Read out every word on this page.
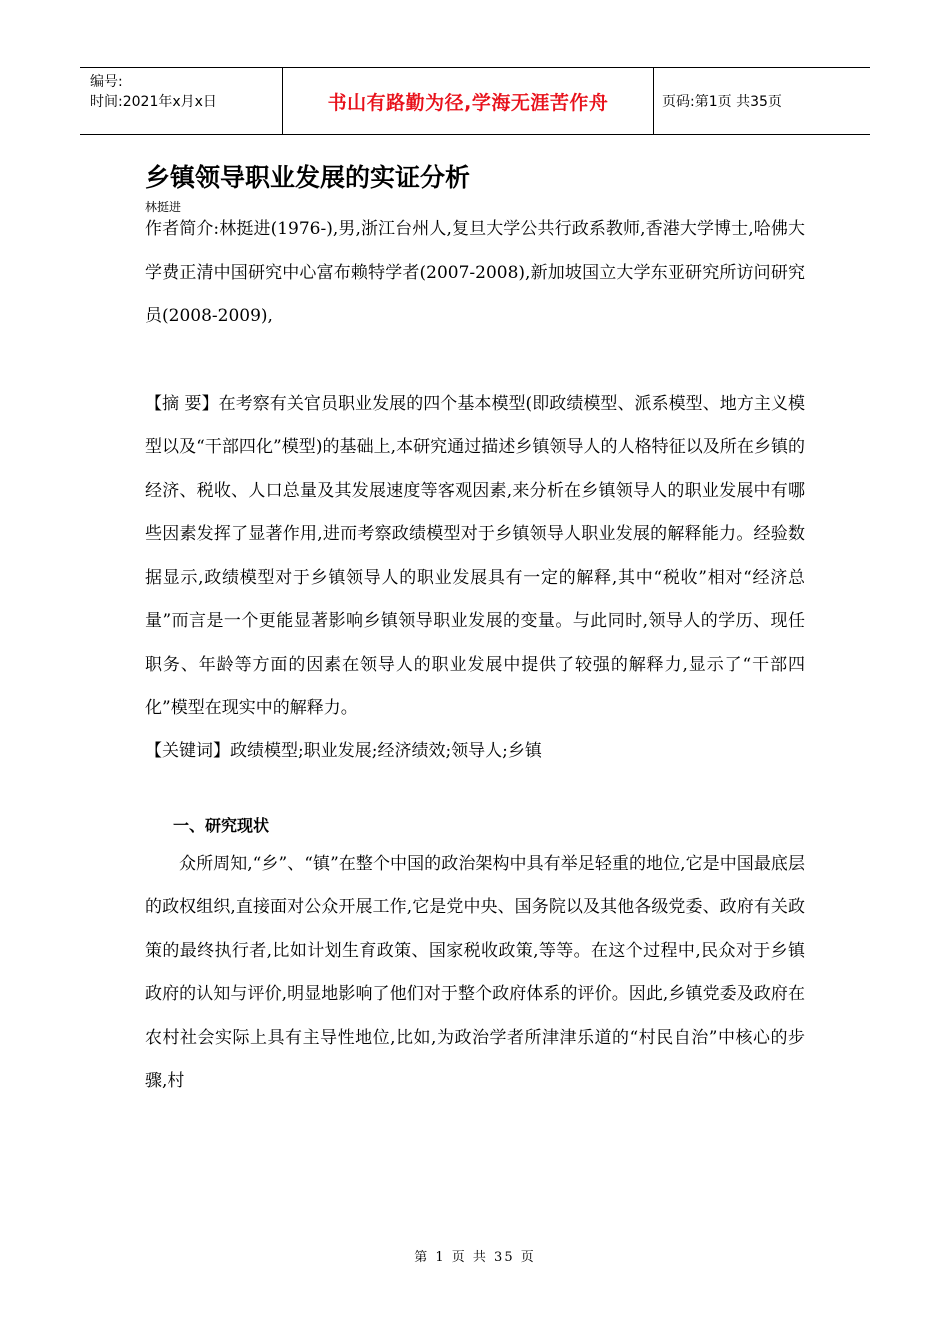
编号:
时间:2021年x月x日	书山有路勤为径,学海无涯苦作舟	页码:第1页 共35页
乡镇领导职业发展的实证分析
林挺进

作者简介:林挺进(1976-),男,浙江台州人,复旦大学公共行政系教师,香港大学博士,哈佛大学费正清中国研究中心富布赖特学者(2007-2008),新加坡国立大学东亚研究所访问研究员(2008-2009),

【摘 要】在考察有关官员职业发展的四个基本模型(即政绩模型、派系模型、地方主义模型以及“干部四化”模型)的基础上,本研究通过描述乡镇领导人的人格特征以及所在乡镇的经济、税收、人口总量及其发展速度等客观因素,来分析在乡镇领导人的职业发展中有哪些因素发挥了显著作用,进而考察政绩模型对于乡镇领导人职业发展的解释能力。经验数据显示,政绩模型对于乡镇领导人的职业发展具有一定的解释,其中“税收”相对“经济总量”而言是一个更能显著影响乡镇领导职业发展的变量。与此同时,领导人的学历、现任职务、年龄等方面的因素在领导人的职业发展中提供了较强的解释力,显示了“干部四化”模型在现实中的解释力。

【关键词】政绩模型;职业发展;经济绩效;领导人;乡镇

一、研究现状

众所周知,“乡”、“镇”在整个中国的政治架构中具有举足轻重的地位,它是中国最底层的政权组织,直接面对公众开展工作,它是党中央、国务院以及其他各级党委、政府有关政策的最终执行者,比如计划生育政策、国家税收政策,等等。在这个过程中,民众对于乡镇政府的认知与评价,明显地影响了他们对于整个政府体系的评价。因此,乡镇党委及政府在农村社会实际上具有主导性地位,比如,为政治学者所津津乐道的“村民自治”中核心的步骤,村

第 1 页 共 35 页
